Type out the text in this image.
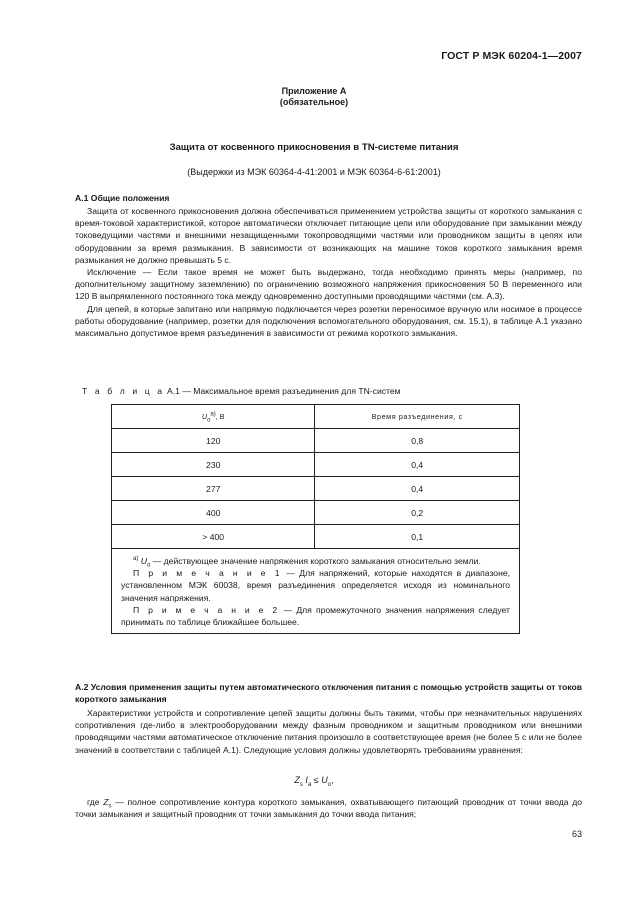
ГОСТ Р МЭК 60204-1—2007
Приложение А
(обязательное)
Защита от косвенного прикосновения в TN-системе питания
(Выдержки из МЭК 60364-4-41:2001 и МЭК 60364-6-61:2001)
А.1 Общие положения

Защита от косвенного прикосновения должна обеспечиваться применением устройства защиты от короткого замыкания с время-токовой характеристикой, которое автоматически отключает питающие цепи или оборудование при замыкании между токоведущими частями и внешними незащищенными токопроводящими частями или проводником защиты в цепях или оборудовании за время размыкания. В зависимости от возникающих на машине токов короткого замыкания время размыкания не должно превышать 5 с.

Исключение — Если такое время не может быть выдержано, тогда необходимо принять меры (например, по дополнительному защитному заземлению) по ограничению возможного напряжения прикосновения 50 В переменного или 120 В выпрямленного постоянного тока между одновременно доступными проводящими частями (см. А.3).

Для цепей, в которые запитано или напрямую подключается через розетки переносимое вручную или носимое в процессе работы оборудование (например, розетки для подключения вспомогательного оборудования, см. 15.1), в таблице А.1 указано максимально допустимое время разъединения в зависимости от режима короткого замыкания.

Т а б л и ц а А.1 — Максимальное время разъединения для TN-систем
$U_o^{а)}$, В	Время разъединения, с
120	0,8
230	0,4
277	0,4
400	0,2
> 400	0,1

$^{а)}$ $U_o$ — действующее значение напряжения короткого замыкания относительно земли.

П р и м е ч а н и е 1 — Для напряжений, которые находятся в диапазоне, установленном МЭК 60038, время разъединения определяется исходя из номинального значения напряжения.

П р и м е ч а н и е 2 — Для промежуточного значения напряжения следует принимать по таблице ближайшее большее.	

А.2 Условия применения защиты путем автоматического отключения питания с помощью устройств защиты от токов короткого замыкания

Характеристики устройств и сопротивление цепей защиты должны быть такими, чтобы при незначительных нарушениях сопротивления где-либо в электрооборудовании между фазным проводником и защитным проводником или внешними проводящими частями автоматическое отключение питания произошло в соответствующее время (не более 5 с или не более значений в соответствии с таблицей А.1). Следующие условия должны удовлетворять требованиям уравнения:

$Z_s$ $I_a \le U_o$,

где $Z_s$ — полное сопротивление контура короткого замыкания, охватывающего питающий проводник от точки ввода до точки замыкания и защитный проводник от точки замыкания до точки ввода питания;

63
